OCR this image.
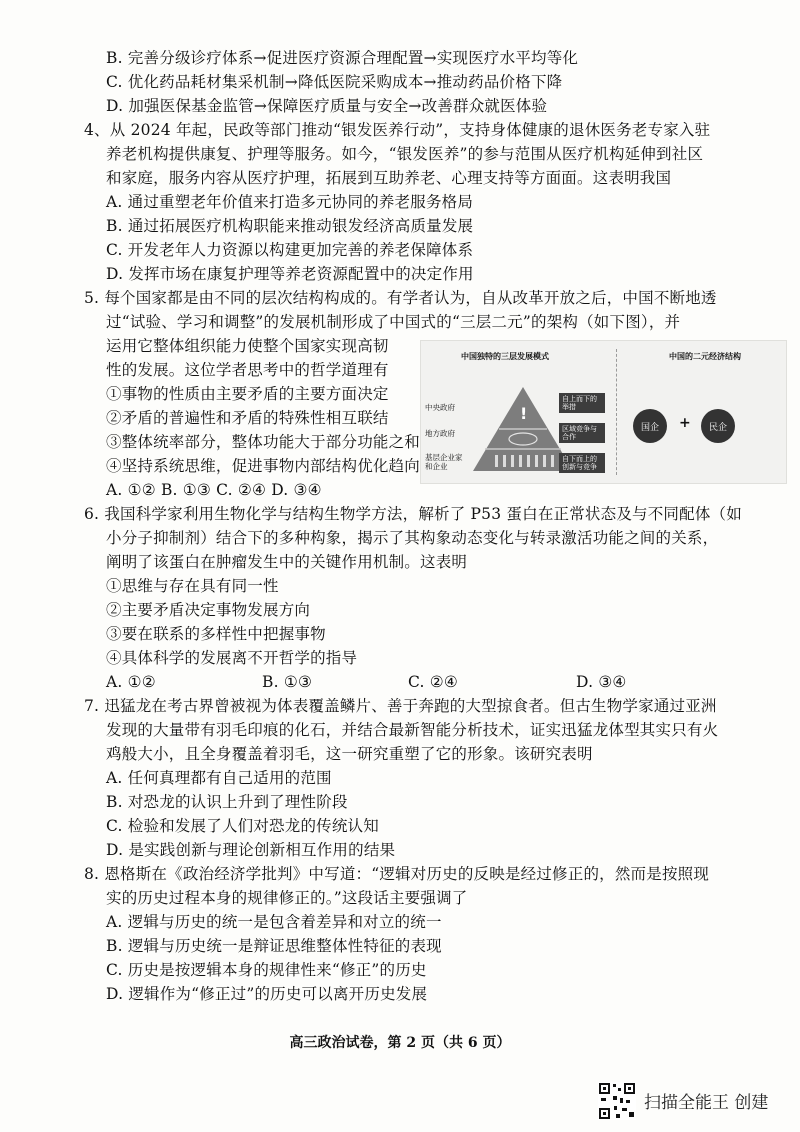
B. 完善分级诊疗体系→促进医疗资源合理配置→实现医疗水平均等化
C. 优化药品耗材集采机制→降低医院采购成本→推动药品价格下降
D. 加强医保基金监管→保障医疗质量与安全→改善群众就医体验
4、从 2024 年起，民政等部门推动“银发医养行动”，支持身体健康的退休医务老专家入驻
养老机构提供康复、护理等服务。如今，“银发医养”的参与范围从医疗机构延伸到社区
和家庭，服务内容从医疗护理，拓展到互助养老、心理支持等方面面。这表明我国
A. 通过重塑老年价值来打造多元协同的养老服务格局
B. 通过拓展医疗机构职能来推动银发经济高质量发展
C. 开发老年人力资源以构建更加完善的养老保障体系
D. 发挥市场在康复护理等养老资源配置中的决定作用
5. 每个国家都是由不同的层次结构构成的。有学者认为，自从改革开放之后，中国不断地透
过“试验、学习和调整”的发展机制形成了中国式的“三层二元”的架构（如下图），并
运用它整体组织能力使整个国家实现高韧
性的发展。这位学者思考中的哲学道理有
①事物的性质由主要矛盾的主要方面决定
②矛盾的普遍性和矛盾的特殊性相互联结
③整体统率部分，整体功能大于部分功能之和
④坚持系统思维，促进事物内部结构优化趋向
A. ①② B. ①③ C. ②④ D. ③④
6. 我国科学家利用生物化学与结构生物学方法，解析了 P53 蛋白在正常状态及与不同配体（如
小分子抑制剂）结合下的多种构象，揭示了其构象动态变化与转录激活功能之间的关系，
阐明了该蛋白在肿瘤发生中的关键作用机制。这表明
①思维与存在具有同一性
②主要矛盾决定事物发展方向
③要在联系的多样性中把握事物
④具体科学的发展离不开哲学的指导
A. ①②	B. ①③	C. ②④	D. ③④
7. 迅猛龙在考古界曾被视为体表覆盖鳞片、善于奔跑的大型掠食者。但古生物学家通过亚洲
发现的大量带有羽毛印痕的化石，并结合最新智能分析技术，证实迅猛龙体型其实只有火
鸡般大小，且全身覆盖着羽毛，这一研究重塑了它的形象。该研究表明
A. 任何真理都有自己适用的范围
B. 对恐龙的认识上升到了理性阶段
C. 检验和发展了人们对恐龙的传统认知
D. 是实践创新与理论创新相互作用的结果
8. 恩格斯在《政治经济学批判》中写道：“逻辑对历史的反映是经过修正的，然而是按照现
实的历史过程本身的规律修正的。”这段话主要强调了
A. 逻辑与历史的统一是包含着差异和对立的统一
B. 逻辑与历史统一是辩证思维整体性特征的表现
C. 历史是按逻辑本身的规律性来“修正”的历史
D. 逻辑作为“修正过”的历史可以离开历史发展
中国独特的三层发展模式	中国的二元经济结构
!
中央政府
地方政府
基层企业家和企业
自上而下的举措
区域竞争与合作
自下而上的创新与竞争
国企	+	民企
高三政治试卷，第 2 页（共 6 页）
扫描全能王 创建
